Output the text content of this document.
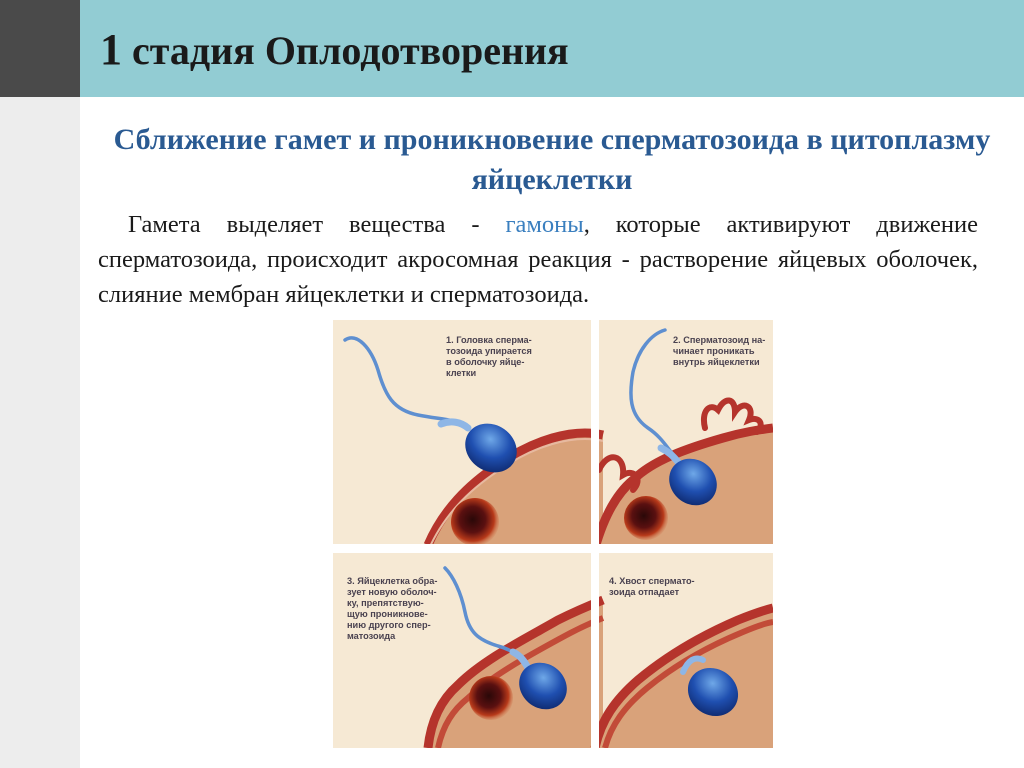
1 стадия Оплодотворения

Сближение гамет и проникновение сперматозоида в цитоплазму яйцеклетки

Гамета выделяет вещества - гамоны, которые активируют движение сперматозоида, происходит акросомная реакция - растворение яйцевых оболочек, слияние мембран яйцеклетки и сперматозоида.

1. Головка сперма- тозоида упирается в оболочку яйце- клетки
2. Сперматозоид на- чинает проникать внутрь яйцеклетки
3. Яйцеклетка обра- зует новую оболоч- ку, препятствую- щую проникнове- нию другого спер- матозоида
4. Хвост спермато- зоида отпадает
